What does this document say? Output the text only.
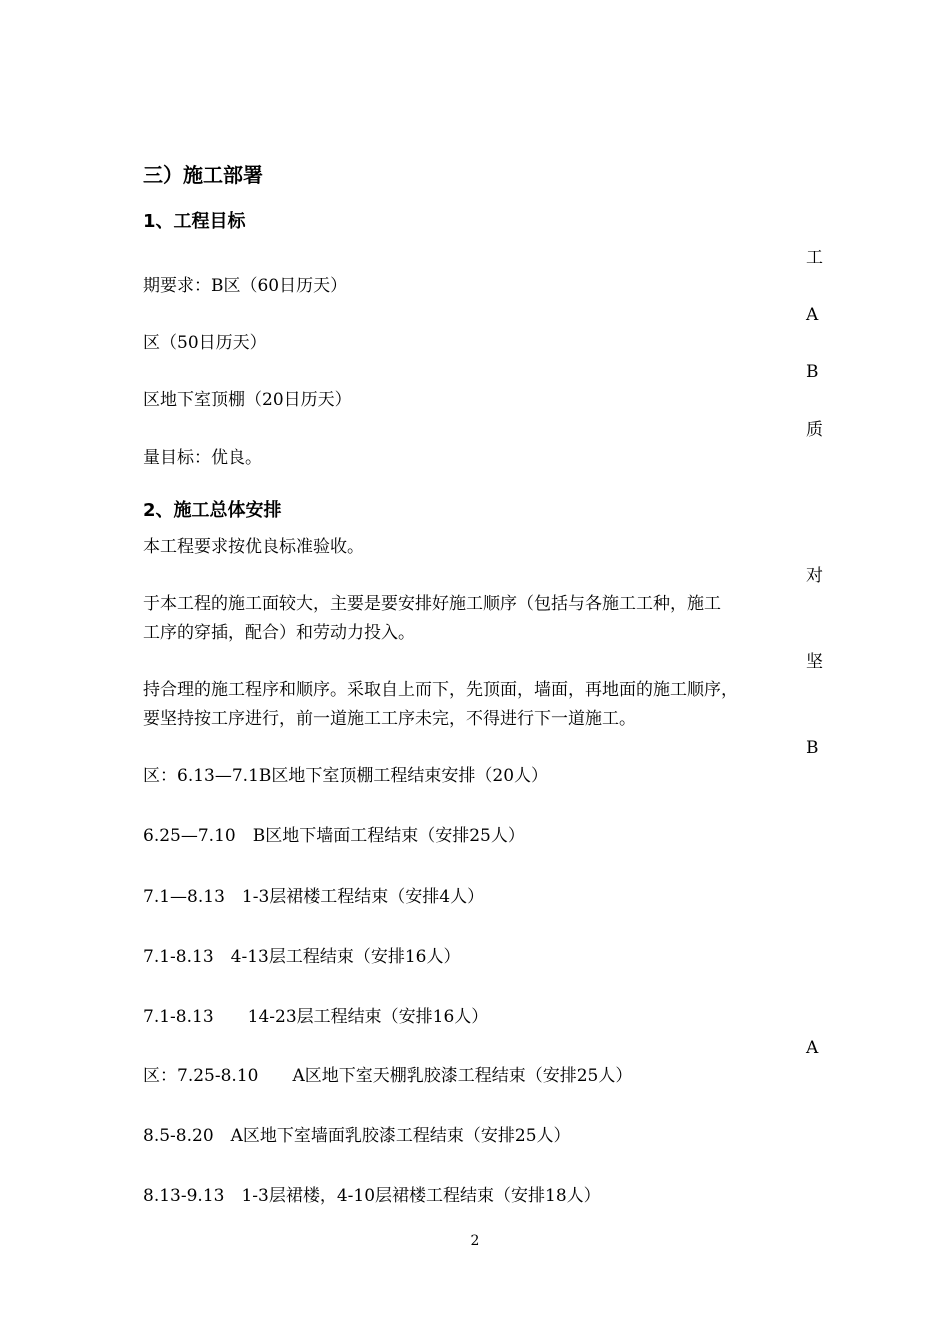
三）施工部署
1、工程目标
工
期要求：B区（60日历天）
A
区（50日历天）
B
区地下室顶棚（20日历天）
质
量目标：优良。
2、施工总体安排
本工程要求按优良标准验收。
对
于本工程的施工面较大，主要是要安排好施工顺序（包括与各施工工种，施工
工序的穿插，配合）和劳动力投入。
坚
持合理的施工程序和顺序。采取自上而下，先顶面，墙面，再地面的施工顺序，
要坚持按工序进行，前一道施工工序未完，不得进行下一道施工。
B
区：6.13—7.1B区地下室顶棚工程结束安排（20人）
6.25—7.10　B区地下墙面工程结束（安排25人）
7.1—8.13　1-3层裙楼工程结束（安排4人）
7.1-8.13　4-13层工程结束（安排16人）
7.1-8.13　　14-23层工程结束（安排16人）
A
区：7.25-8.10　　A区地下室天棚乳胶漆工程结束（安排25人）
8.5-8.20　A区地下室墙面乳胶漆工程结束（安排25人）
8.13-9.13　1-3层裙楼，4-10层裙楼工程结束（安排18人）
2
